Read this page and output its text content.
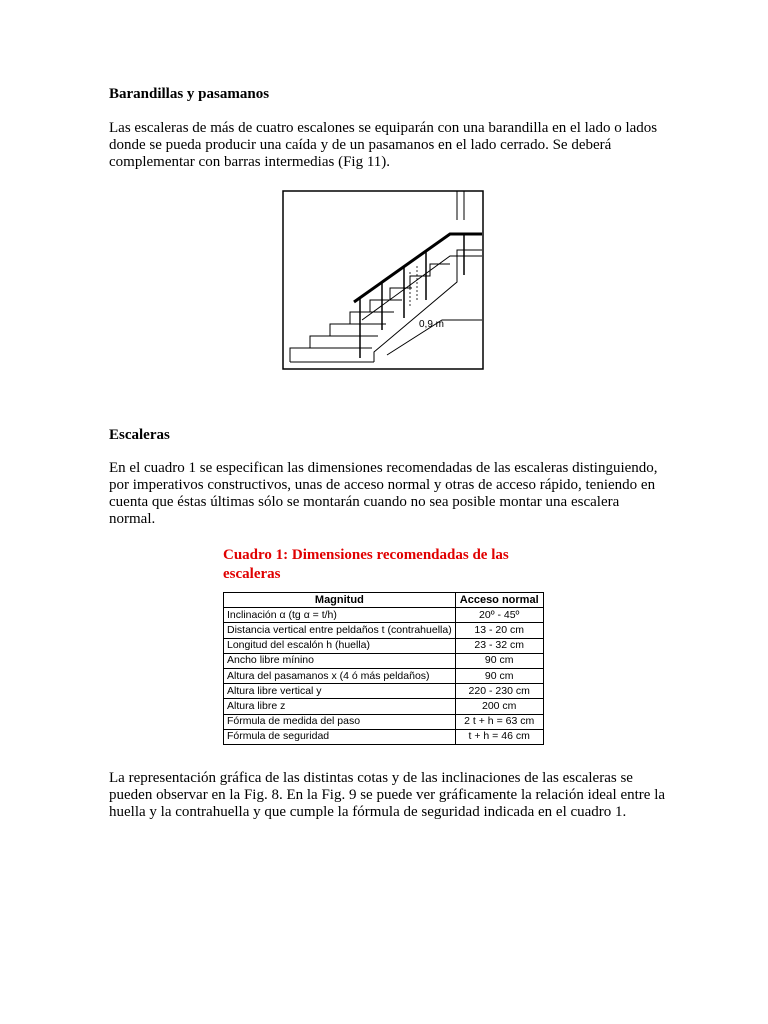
Barandillas y pasamanos

Las escaleras de más de cuatro escalones se equiparán con una barandilla en el lado o lados donde se pueda producir una caída y de un pasamanos en el lado cerrado. Se deberá complementar con barras intermedias (Fig 11).

0,9 m
Escaleras

En el cuadro 1 se especifican las dimensiones recomendadas de las escaleras distinguiendo, por imperativos constructivos, unas de acceso normal y otras de acceso rápido, teniendo en cuenta que éstas últimas sólo se montarán cuando no sea posible montar una escalera normal.

Cuadro 1: Dimensiones recomendadas de las escaleras

Magnitud	Acceso normal
Inclinación α (tg α = t/h)	20º - 45º
Distancia vertical entre peldaños t (contrahuella)	13 - 20 cm
Longitud del escalón h (huella)	23 - 32 cm
Ancho libre mínino	90 cm
Altura del pasamanos x (4 ó más peldaños)	90 cm
Altura libre vertical y	220 - 230 cm
Altura libre z	200 cm
Fórmula de medida del paso	2 t + h = 63 cm
Fórmula de seguridad	t + h = 46 cm

La representación gráfica de las distintas cotas y de las inclinaciones de las escaleras se pueden observar en la Fig. 8. En la Fig. 9 se puede ver gráficamente la relación ideal entre la huella y la contrahuella y que cumple la fórmula de seguridad indicada en el cuadro 1.
